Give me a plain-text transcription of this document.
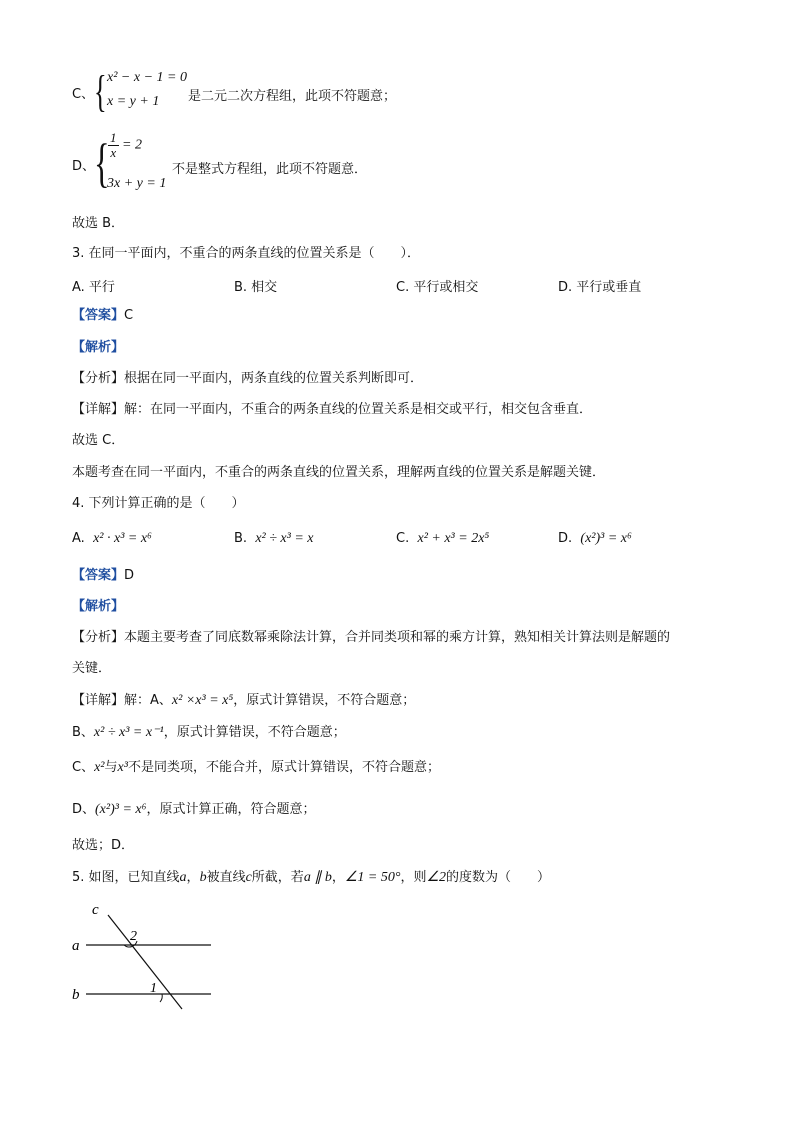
C、 { x² − x − 1 = 0
x = y + 1 是二元二次方程组，此项不符题意；
D、
{
$\frac{1}{x} = 2$
3x + y = 1
不是整式方程组，此项不符题意．
故选 B．
3. 在同一平面内，不重合的两条直线的位置关系是（　　）．
A. 平行	B. 相交	C. 平行或相交	D. 平行或垂直
【答案】C
【解析】
【分析】根据在同一平面内，两条直线的位置关系判断即可．
【详解】解：在同一平面内，不重合的两条直线的位置关系是相交或平行，相交包含垂直．
故选 C．
本题考查在同一平面内，不重合的两条直线的位置关系，理解两直线的位置关系是解题关键．
4. 下列计算正确的是（　　）
A. x² · x³ = x⁶	B. x² ÷ x³ = x	C. x² + x³ = 2x⁵	D. (x²)³ = x⁶
【答案】D
【解析】
【分析】本题主要考查了同底数幂乘除法计算，合并同类项和幂的乘方计算，熟知相关计算法则是解题的
关键．
【详解】解：A、x² ×x³ = x⁵，原式计算错误，不符合题意；
B、x² ÷ x³ = x⁻¹，原式计算错误，不符合题意；
C、x²与x³不是同类项，不能合并，原式计算错误，不符合题意；
D、(x²)³ = x⁶，原式计算正确，符合题意；
故选；D．
5. 如图，已知直线a，b被直线c所截，若a ∥ b，∠1 = 50°，则∠2的度数为（　　）
c
a
b
2
1
